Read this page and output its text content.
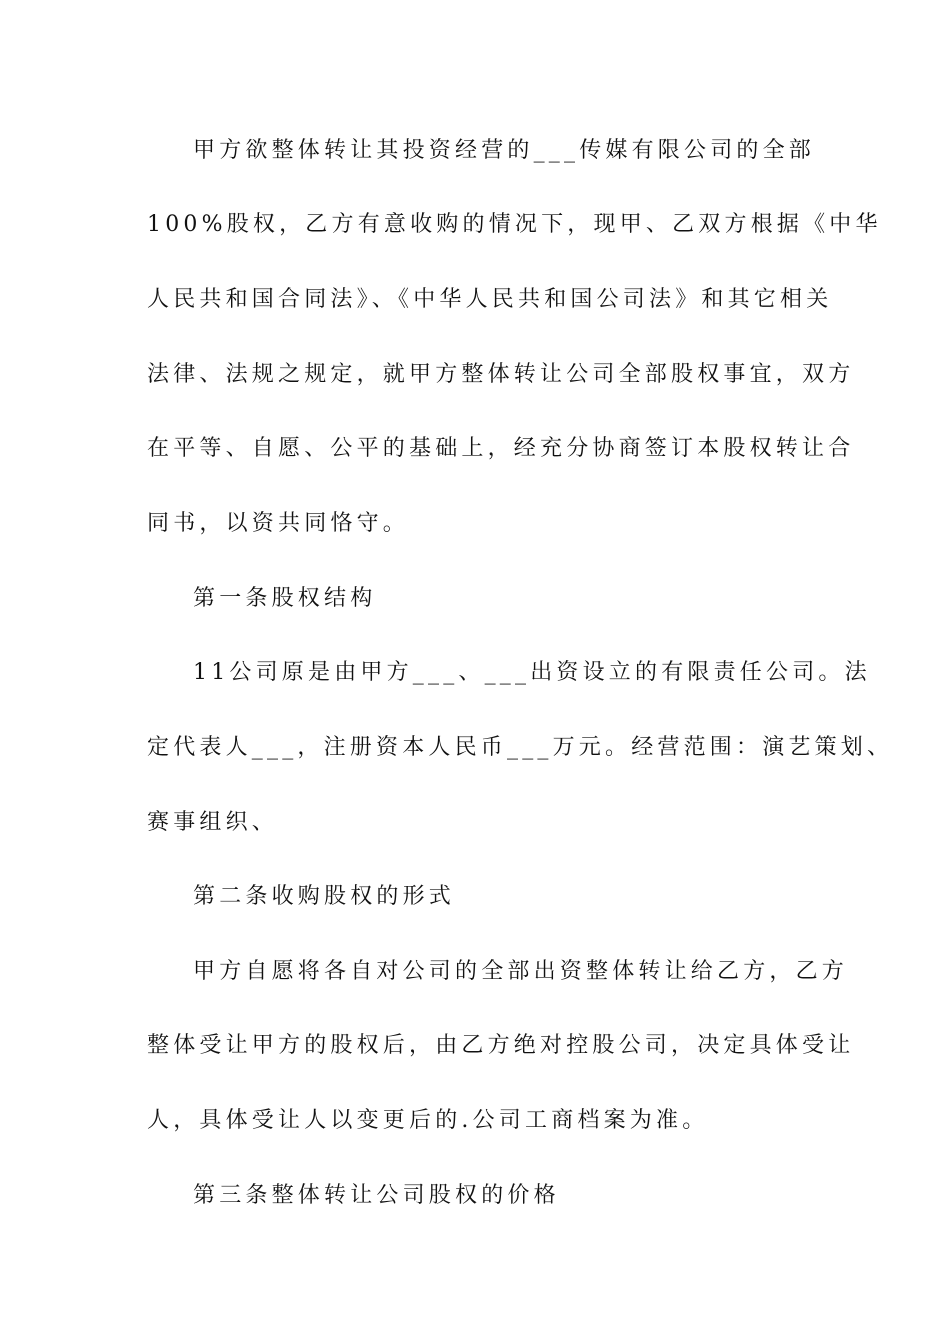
甲方欲整体转让其投资经营的___传媒有限公司的全部
100%股权，乙方有意收购的情况下，现甲、乙双方根据《中华
人民共和国合同法》、《中华人民共和国公司法》和其它相关
法律、法规之规定，就甲方整体转让公司全部股权事宜，双方
在平等、自愿、公平的基础上，经充分协商签订本股权转让合
同书，以资共同恪守。
第一条股权结构
11公司原是由甲方___、___出资设立的有限责任公司。法
定代表人___，注册资本人民币___万元。经营范围：演艺策划、
赛事组织、
第二条收购股权的形式
甲方自愿将各自对公司的全部出资整体转让给乙方，乙方
整体受让甲方的股权后，由乙方绝对控股公司，决定具体受让
人，具体受让人以变更后的.公司工商档案为准。
第三条整体转让公司股权的价格
